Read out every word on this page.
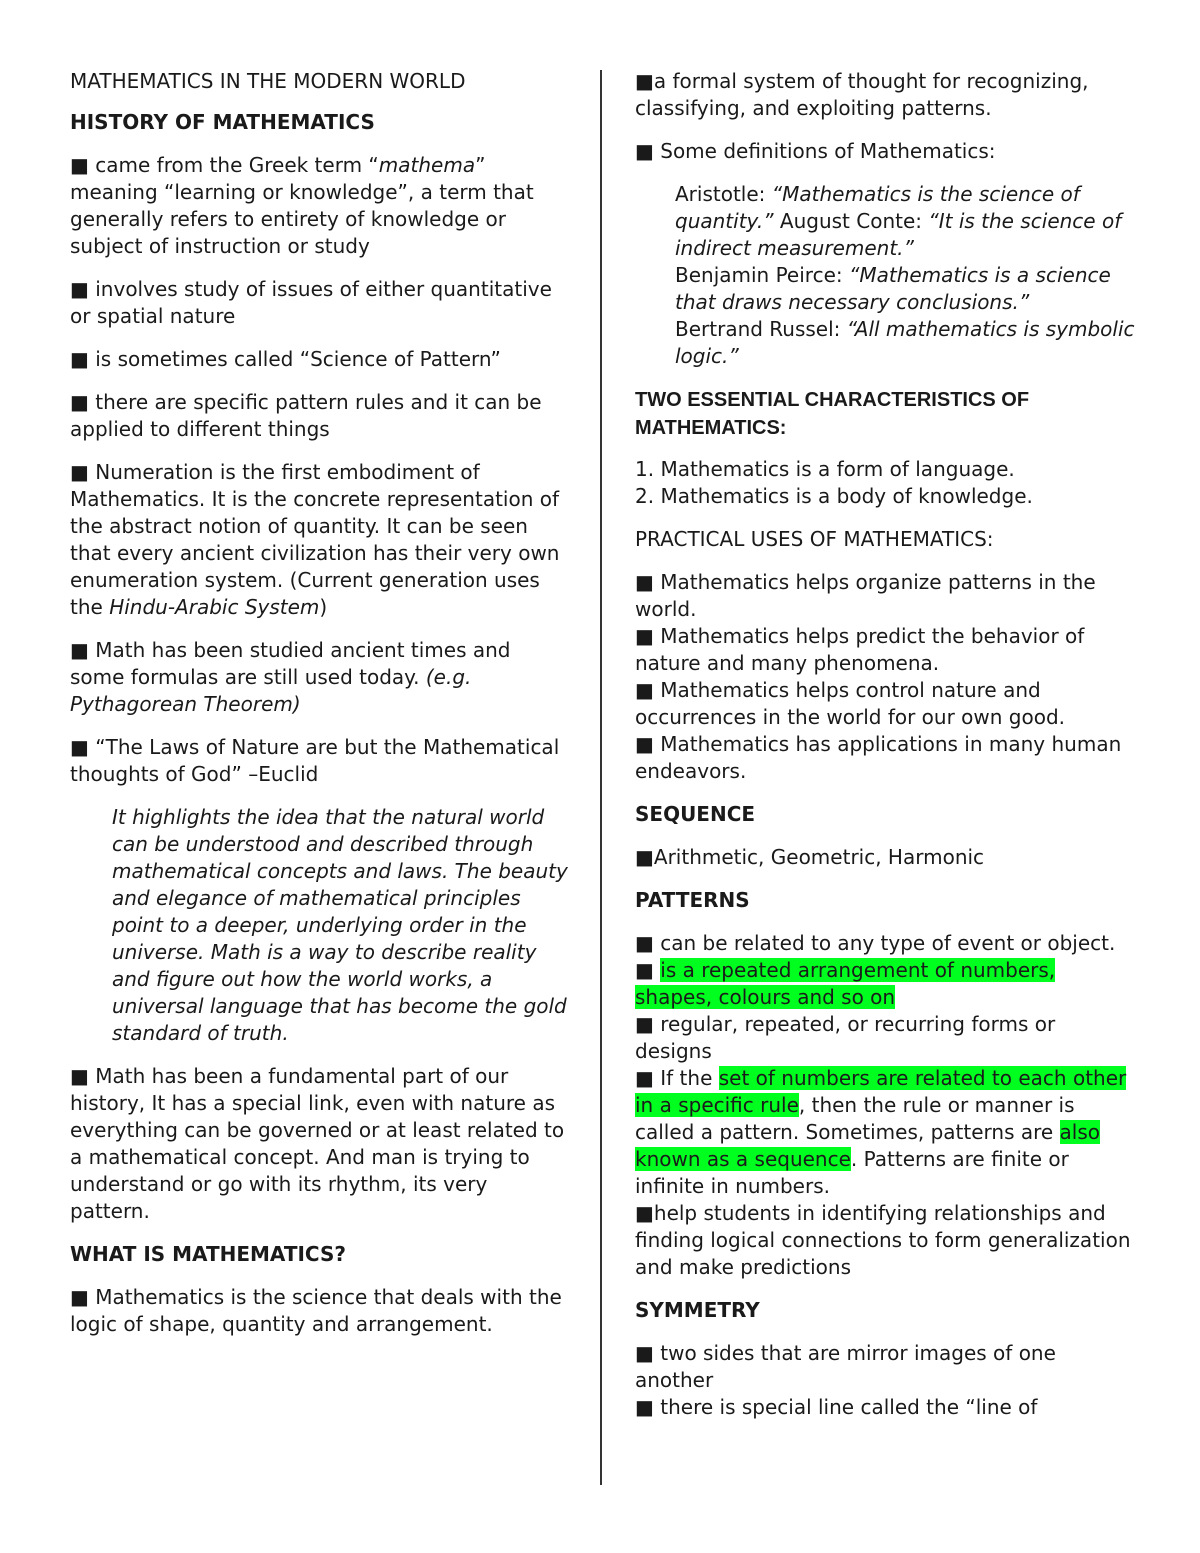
MATHEMATICS IN THE MODERN WORLD

HISTORY OF MATHEMATICS

■ came from the Greek term “mathema” meaning “learning or knowledge”, a term that generally refers to entirety of knowledge or subject of instruction or study

■ involves study of issues of either quantitative or spatial nature

■ is sometimes called “Science of Pattern”

■ there are specific pattern rules and it can be applied to different things

■ Numeration is the first embodiment of Mathematics. It is the concrete representation of the abstract notion of quantity. It can be seen that every ancient civilization has their very own enumeration system. (Current generation uses the Hindu-Arabic System)

■ Math has been studied ancient times and some formulas are still used today. (e.g. Pythagorean Theorem)

■ “The Laws of Nature are but the Mathematical thoughts of God” –Euclid

It highlights the idea that the natural world can be understood and described through mathematical concepts and laws. The beauty and elegance of mathematical principles point to a deeper, underlying order in the universe. Math is a way to describe reality and figure out how the world works, a universal language that has become the gold standard of truth.

■ Math has been a fundamental part of our history, It has a special link, even with nature as everything can be governed or at least related to a mathematical concept. And man is trying to understand or go with its rhythm, its very pattern.

WHAT IS MATHEMATICS?

■ Mathematics is the science that deals with the logic of shape, quantity and arrangement.

■a formal system of thought for recognizing, classifying, and exploiting patterns.

■ Some definitions of Mathematics:

Aristotle: “Mathematics is the science of quantity.” August Conte: “It is the science of indirect measurement.”
Benjamin Peirce: “Mathematics is a science that draws necessary conclusions.”
Bertrand Russel: “All mathematics is symbolic logic.”

TWO ESSENTIAL CHARACTERISTICS OF MATHEMATICS:

1. Mathematics is a form of language.

2. Mathematics is a body of knowledge.

PRACTICAL USES OF MATHEMATICS:

■ Mathematics helps organize patterns in the world.

■ Mathematics helps predict the behavior of nature and many phenomena.

■ Mathematics helps control nature and occurrences in the world for our own good.

■ Mathematics has applications in many human endeavors.

SEQUENCE

■Arithmetic, Geometric, Harmonic

PATTERNS

■ can be related to any type of event or object.

■ is a repeated arrangement of numbers, shapes, colours and so on

■ regular, repeated, or recurring forms or designs

■ If the set of numbers are related to each other in a specific rule, then the rule or manner is called a pattern. Sometimes, patterns are also known as a sequence. Patterns are finite or infinite in numbers.

■help students in identifying relationships and finding logical connections to form generalization and make predictions

SYMMETRY

■ two sides that are mirror images of one another

■ there is special line called the “line of
